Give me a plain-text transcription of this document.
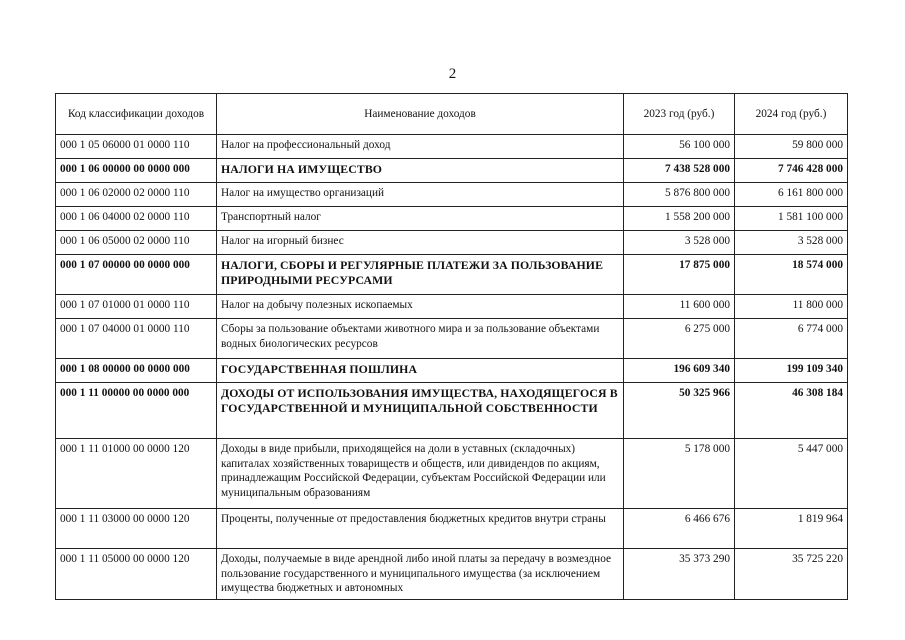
2
Код классификации доходов	Наименование доходов	2023 год (руб.)	2024 год (руб.)
000 1 05 06000 01 0000 110	Налог на профессиональный доход	56 100 000	59 800 000
000 1 06 00000 00 0000 000	НАЛОГИ НА ИМУЩЕСТВО	7 438 528 000	7 746 428 000
000 1 06 02000 02 0000 110	Налог на имущество организаций	5 876 800 000	6 161 800 000
000 1 06 04000 02 0000 110	Транспортный налог	1 558 200 000	1 581 100 000
000 1 06 05000 02 0000 110	Налог на игорный бизнес	3 528 000	3 528 000
000 1 07 00000 00 0000 000	НАЛОГИ, СБОРЫ И РЕГУЛЯРНЫЕ ПЛАТЕЖИ ЗА ПОЛЬЗОВАНИЕ ПРИРОДНЫМИ РЕСУРСАМИ	17 875 000	18 574 000
000 1 07 01000 01 0000 110	Налог на добычу полезных ископаемых	11 600 000	11 800 000
000 1 07 04000 01 0000 110	Сборы за пользование объектами животного мира и за пользование объектами водных биологических ресурсов	6 275 000	6 774 000
000 1 08 00000 00 0000 000	ГОСУДАРСТВЕННАЯ ПОШЛИНА	196 609 340	199 109 340
000 1 11 00000 00 0000 000	ДОХОДЫ ОТ ИСПОЛЬЗОВАНИЯ ИМУЩЕСТВА, НАХОДЯЩЕГОСЯ В ГОСУДАРСТВЕННОЙ И МУНИЦИПАЛЬНОЙ СОБСТВЕННОСТИ	50 325 966	46 308 184
000 1 11 01000 00 0000 120	Доходы в виде прибыли, приходящейся на доли в уставных (складочных) капиталах хозяйственных товариществ и обществ, или дивидендов по акциям, принадлежащим Российской Федерации, субъектам Российской Федерации или муниципальным образованиям	5 178 000	5 447 000
000 1 11 03000 00 0000 120	Проценты, полученные от предоставления бюджетных кредитов внутри страны	6 466 676	1 819 964
000 1 11 05000 00 0000 120	Доходы, получаемые в виде арендной либо иной платы за передачу в возмездное пользование государственного и муниципального имущества (за исключением имущества бюджетных и автономных	35 373 290	35 725 220
